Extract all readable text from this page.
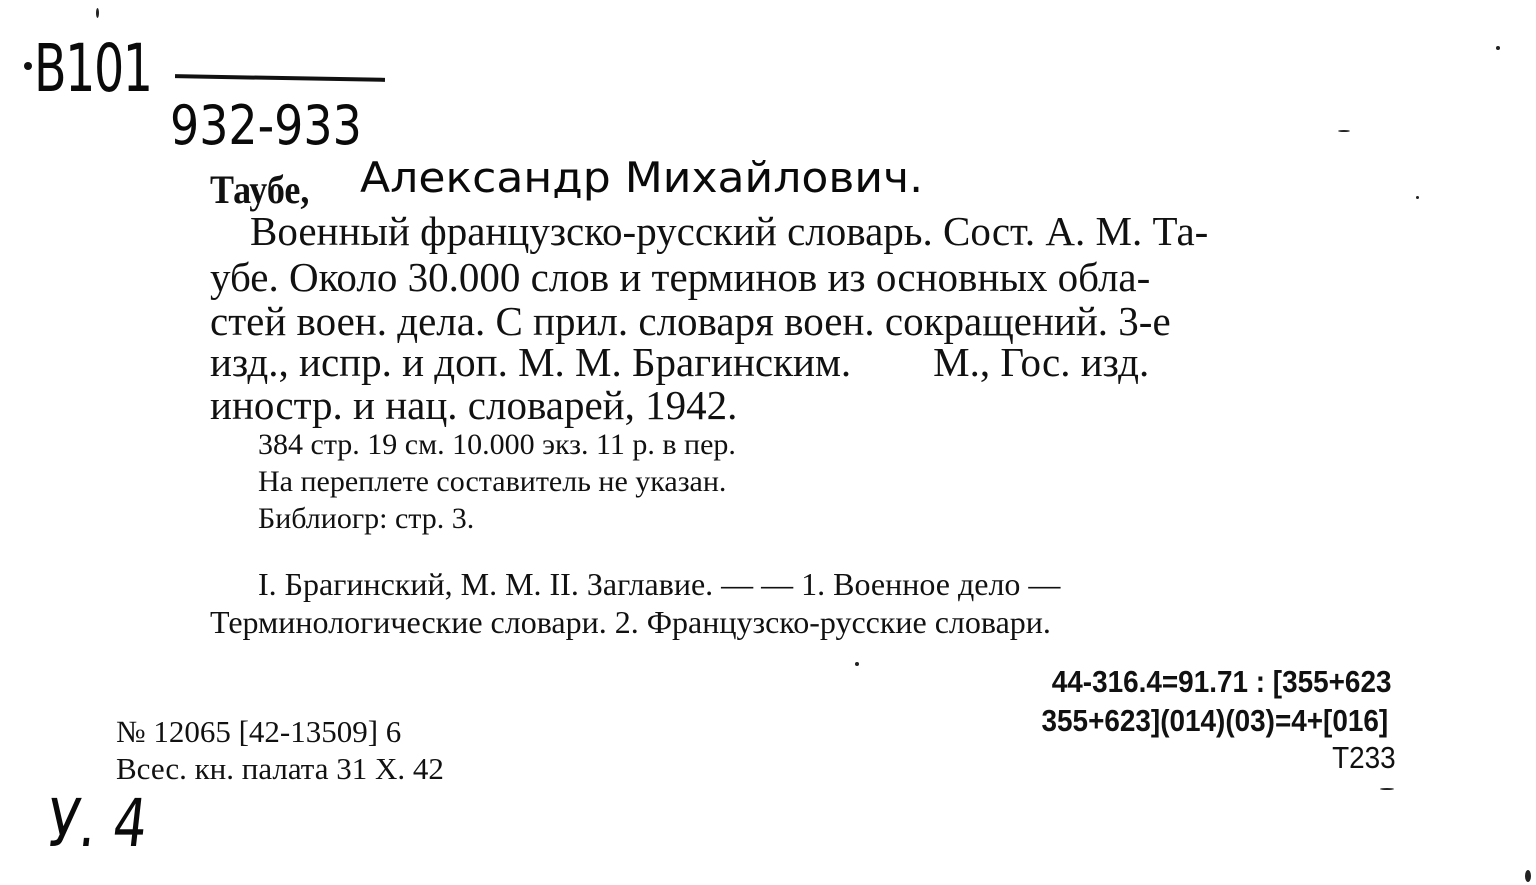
B101
932-933
Таубе, Александр Михайлович.
Военный французско-русский словарь. Сост. А. М. Та-
убе. Около 30.000 слов и терминов из основных обла-
стей воен. дела. С прил. словаря воен. сокращений. 3-е
изд., испр. и доп. М. М. Брагинским.        М., Гос. изд.
иностр. и нац. словарей, 1942.
384 стр. 19 см. 10.000 экз. 11 р. в пер.
На переплете составитель не указан.
Библиогр: стр. 3.
I. Брагинский, М. М. II. Заглавие. — — 1. Военное дело —
Терминологические словари. 2. Французско-русские словари.
44-316.4=91.71 : [355+623
355+623](014)(03)=4+[016]
Т233
№ 12065 [42-13509] 6
Всес. кн. палата 31 X. 42
У. 4
